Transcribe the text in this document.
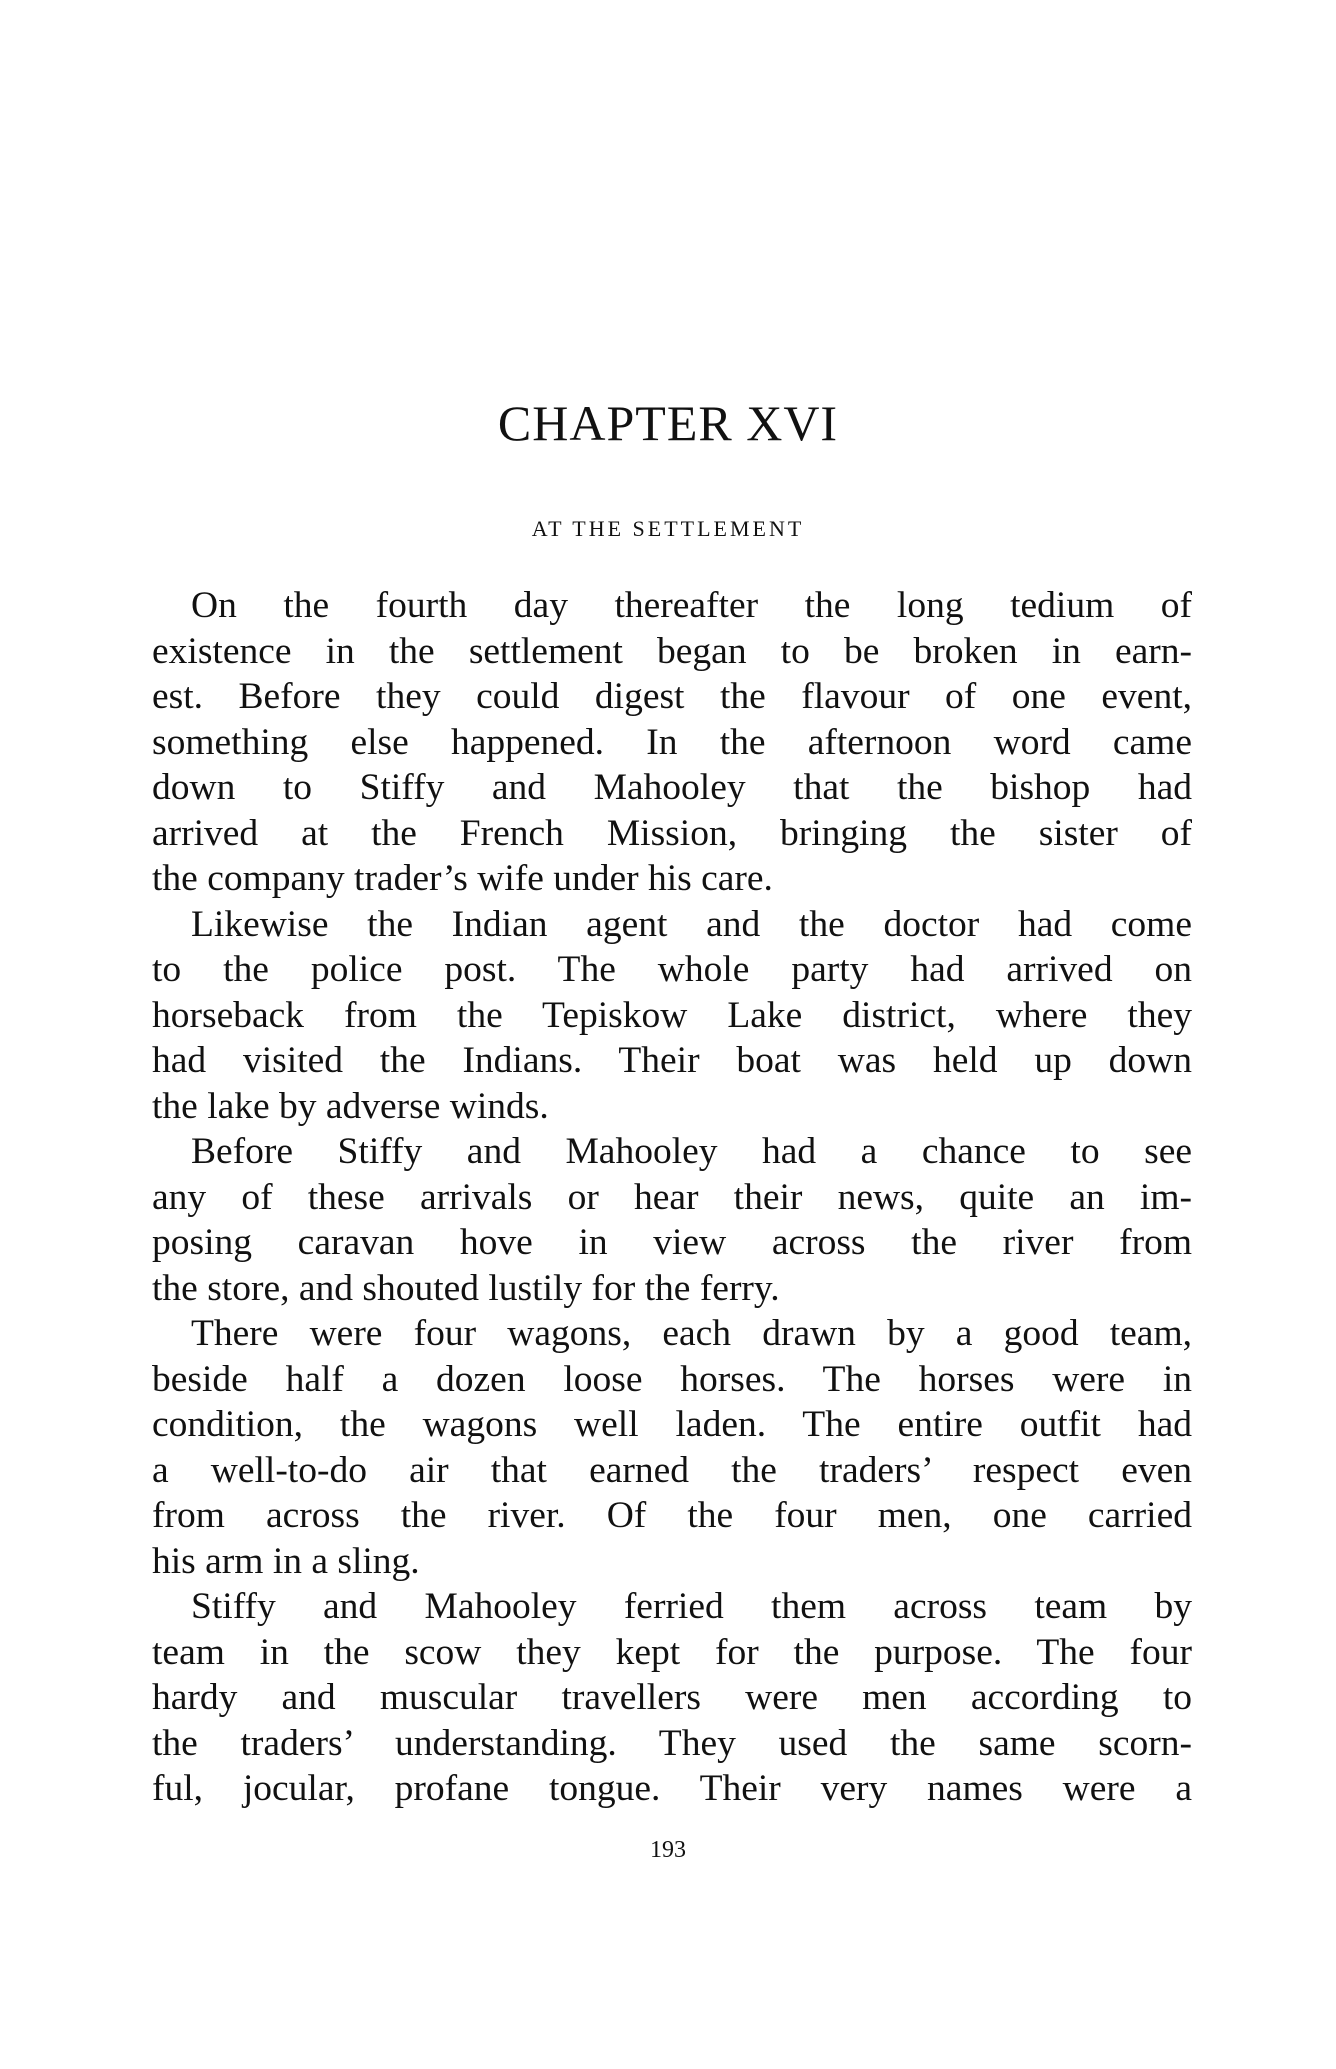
CHAPTER XVI
AT THE SETTLEMENT
On the fourth day thereafter the long tedium of
existence in the settlement began to be broken in earn-
est. Before they could digest the flavour of one event,
something else happened. In the afternoon word came
down to Stiffy and Mahooley that the bishop had
arrived at the French Mission, bringing the sister of
the company trader’s wife under his care.
Likewise the Indian agent and the doctor had come
to the police post. The whole party had arrived on
horseback from the Tepiskow Lake district, where they
had visited the Indians. Their boat was held up down
the lake by adverse winds.
Before Stiffy and Mahooley had a chance to see
any of these arrivals or hear their news, quite an im-
posing caravan hove in view across the river from
the store, and shouted lustily for the ferry.
There were four wagons, each drawn by a good team,
beside half a dozen loose horses. The horses were in
condition, the wagons well laden. The entire outfit had
a well-to-do air that earned the traders’ respect even
from across the river. Of the four men, one carried
his arm in a sling.
Stiffy and Mahooley ferried them across team by
team in the scow they kept for the purpose. The four
hardy and muscular travellers were men according to
the traders’ understanding. They used the same scorn-
ful, jocular, profane tongue. Their very names were a
193
